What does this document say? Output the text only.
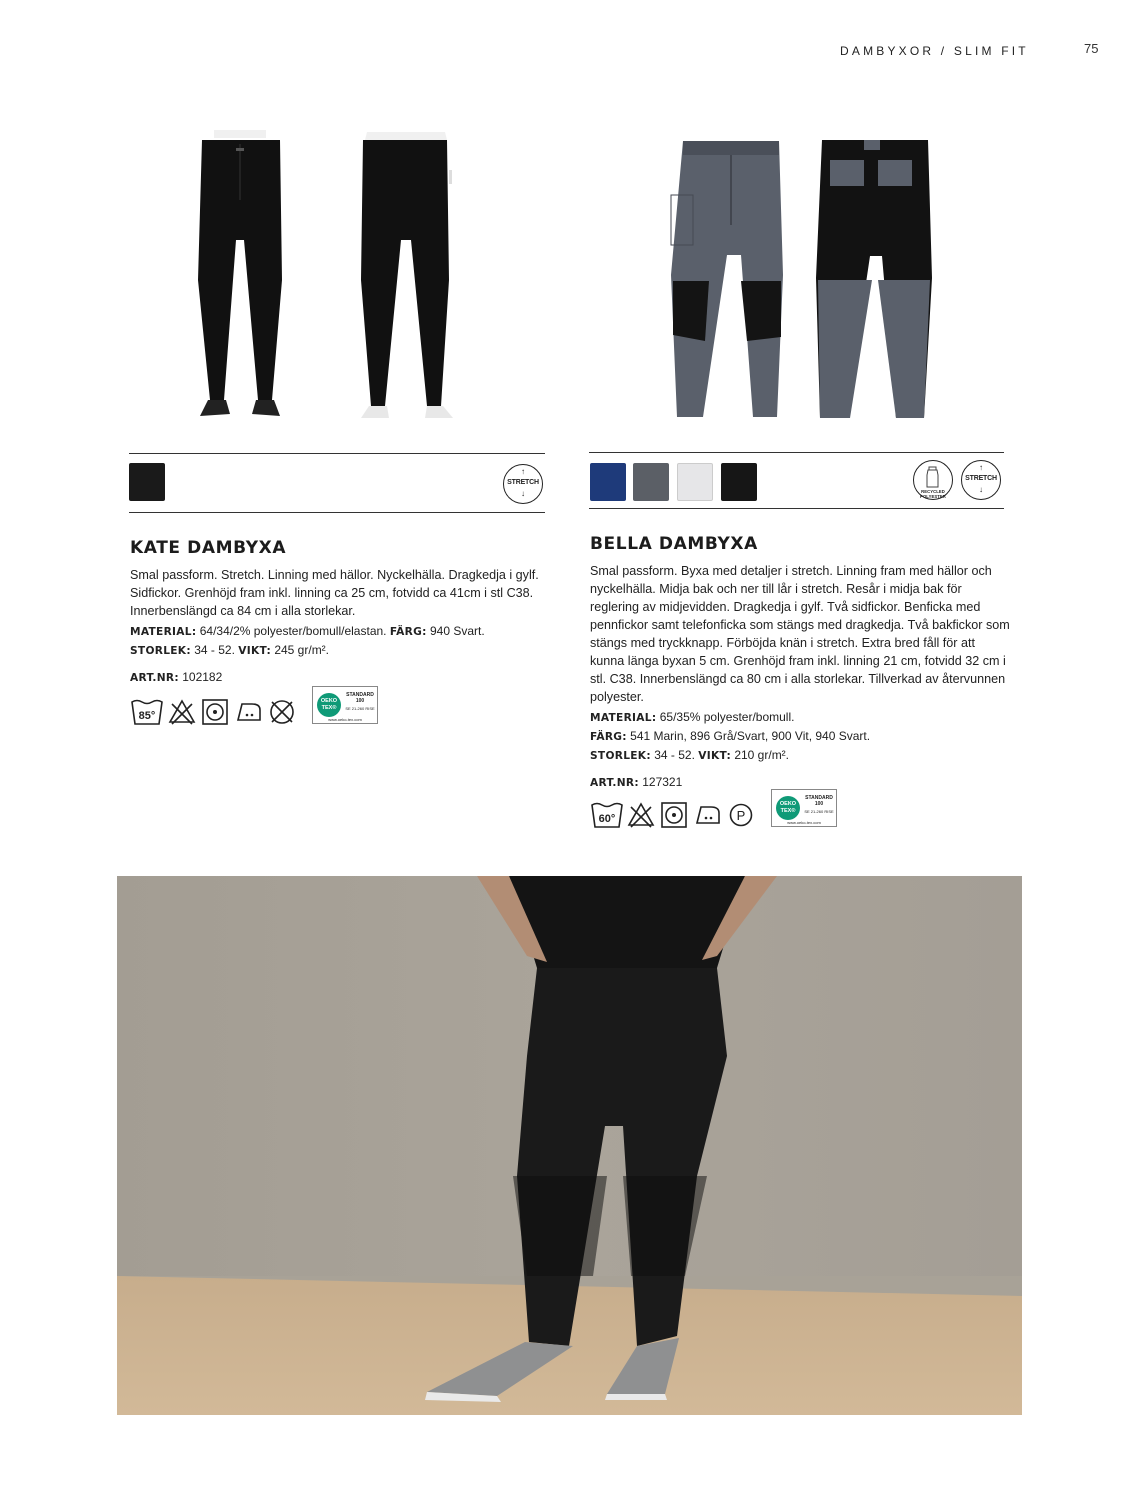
DAMBYXOR / SLIM FIT	75
↑
STRETCH
↓	RECYCLED POLYESTER
↑
STRETCH
↓
KATE DAMBYXA
Smal passform. Stretch. Linning med hällor. Nyckelhälla. Dragkedja i gylf. Sidfickor. Grenhöjd fram inkl. linning ca 25 cm, fotvidd ca 41cm i stl C38. Innerbenslängd ca 84 cm i alla storlekar.
MATERIAL: 64/34/2% polyester/bomull/elastan. FÄRG: 940 Svart.
STORLEK: 34 - 52. VIKT: 245 gr/m².
ART.NR: 102182
85°
OEKO TEX®
STANDARD 100
SE 21-260 RISE
www.oeko-tex.com
BELLA DAMBYXA
Smal passform. Byxa med detaljer i stretch. Linning fram med hällor och nyckelhälla. Midja bak och ner till lår i stretch. Resår i midja bak för reglering av midjevidden. Dragkedja i gylf. Två sidfickor. Benficka med pennfickor samt telefonficka som stängs med dragkedja. Två bakfickor som stängs med tryckknapp. Förböjda knän i stretch. Extra bred fåll för att kunna länga byxan 5 cm. Grenhöjd fram inkl. linning 21 cm, fotvidd 32 cm i stl. C38. Innerbenslängd ca 80 cm i alla storlekar. Tillverkad av återvunnen polyester.
MATERIAL: 65/35% polyester/bomull.
FÄRG: 541 Marin, 896 Grå/Svart, 900 Vit, 940 Svart.
STORLEK: 34 - 52. VIKT: 210 gr/m².
ART.NR: 127321
60°	P
OEKO TEX®
STANDARD 100
SE 21-260 RISE
www.oeko-tex.com
